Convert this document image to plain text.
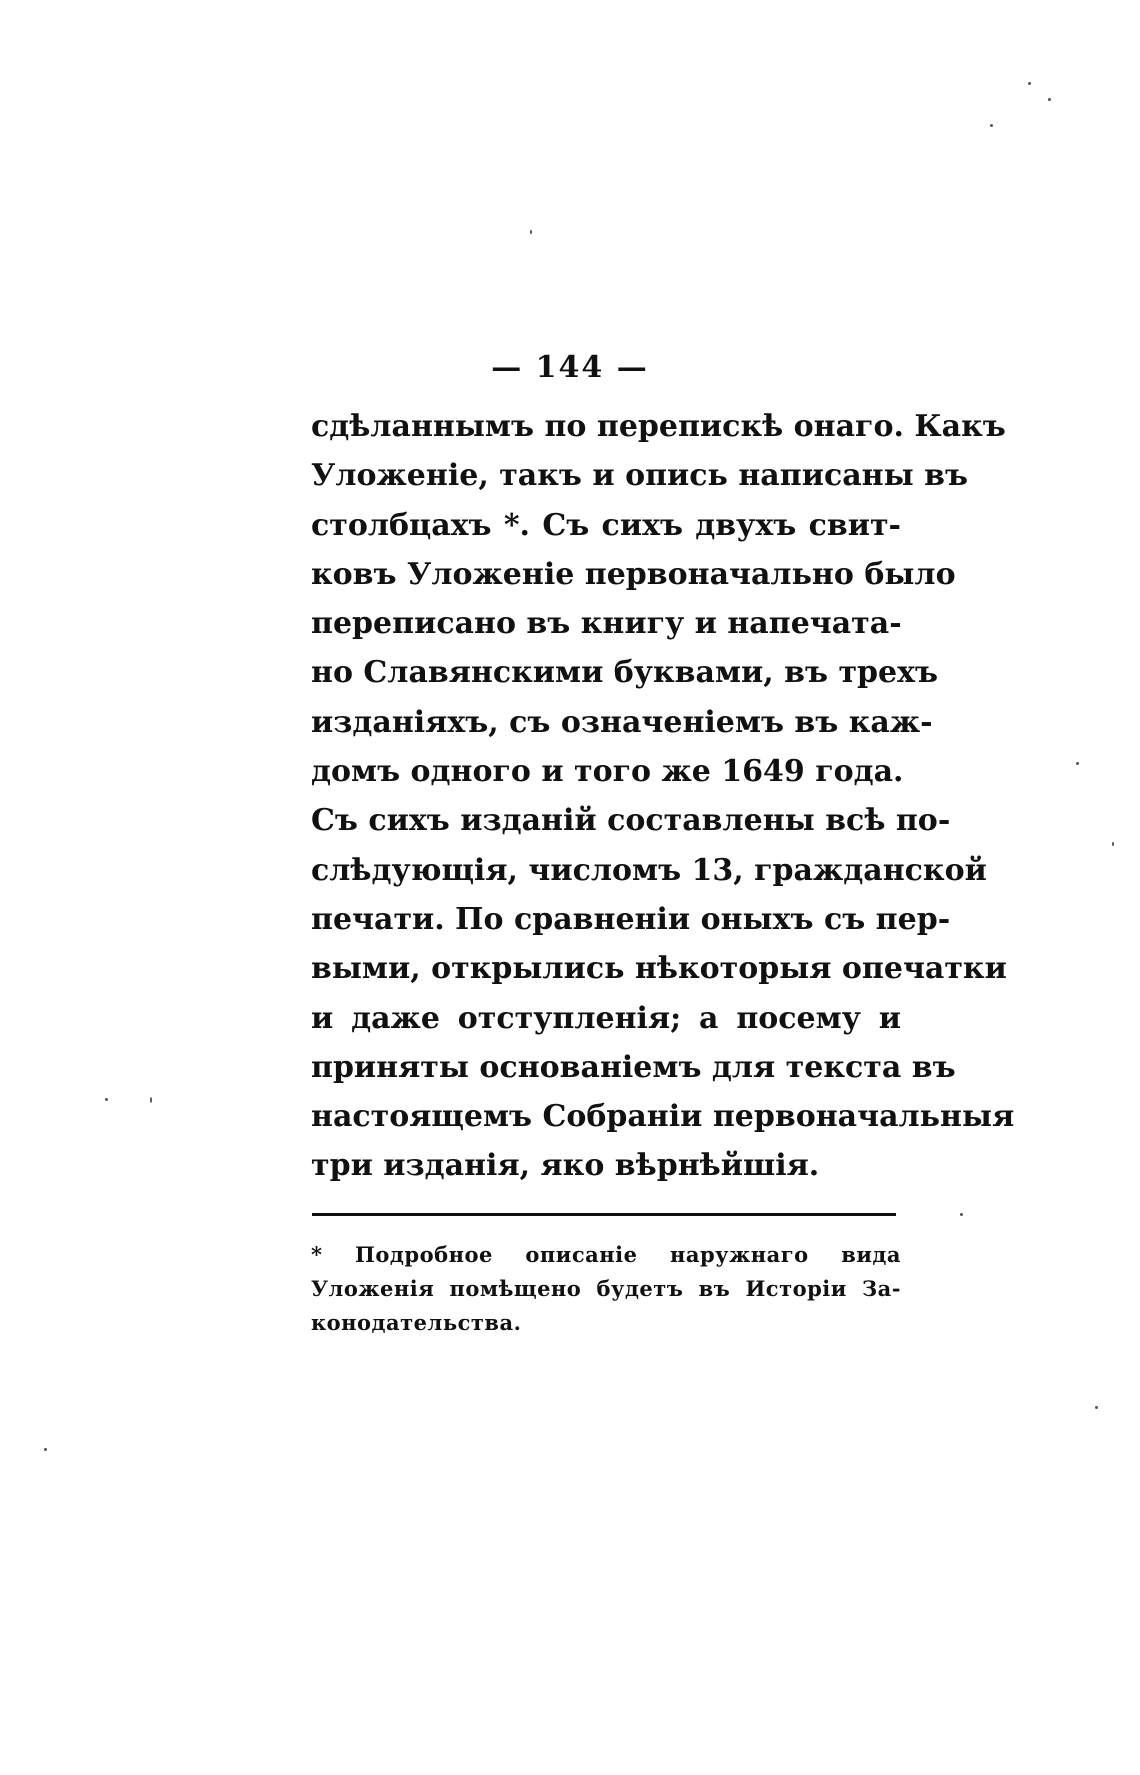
— 144 —
сдѣланнымъ по перепискѣ онаго. Какъ
Уложеніе, такъ и опись написаны въ
столбцахъ *. Съ сихъ двухъ свит-
ковъ Уложеніе первоначально было
переписано въ книгу и напечата-
но Славянскими буквами, въ трехъ
изданіяхъ, съ означеніемъ въ каж-
домъ одного и того же 1649 года.
Съ сихъ изданій составлены всѣ по-
слѣдующія, числомъ 13, гражданской
печати. По сравненіи оныхъ съ пер-
выми, открылись нѣкоторыя опечатки
и даже отступленія; а посему и
приняты основаніемъ для текста въ
настоящемъ Собраніи первоначальныя
три изданія, яко вѣрнѣйшія.
* Подробное описаніе наружнаго вида
Уложенія помѣщено будетъ въ Исторіи За-
конодательства.
